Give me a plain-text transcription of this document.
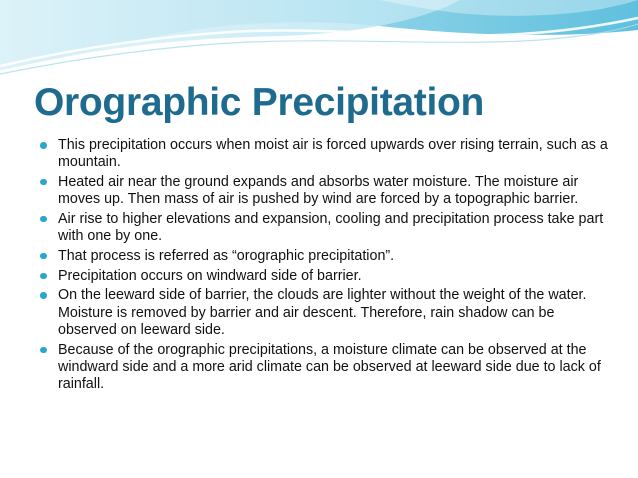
Orographic Precipitation
This precipitation occurs when moist air is forced upwards over rising terrain, such as a mountain.
Heated air near the ground expands and absorbs water moisture. The moisture air moves up. Then mass of air is pushed by wind are forced by a topographic barrier.
Air rise to higher elevations and expansion, cooling and precipitation process take part with one by one.
That process is referred as “orographic precipitation”.
Precipitation occurs on windward side of barrier.
On the leeward side of barrier, the clouds are lighter without the weight of the water. Moisture is removed by barrier and air descent. Therefore, rain shadow can be observed on leeward side.
Because of the orographic precipitations, a moisture climate can be observed at the windward side and a more arid climate can be observed at leeward side due to lack of rainfall.
